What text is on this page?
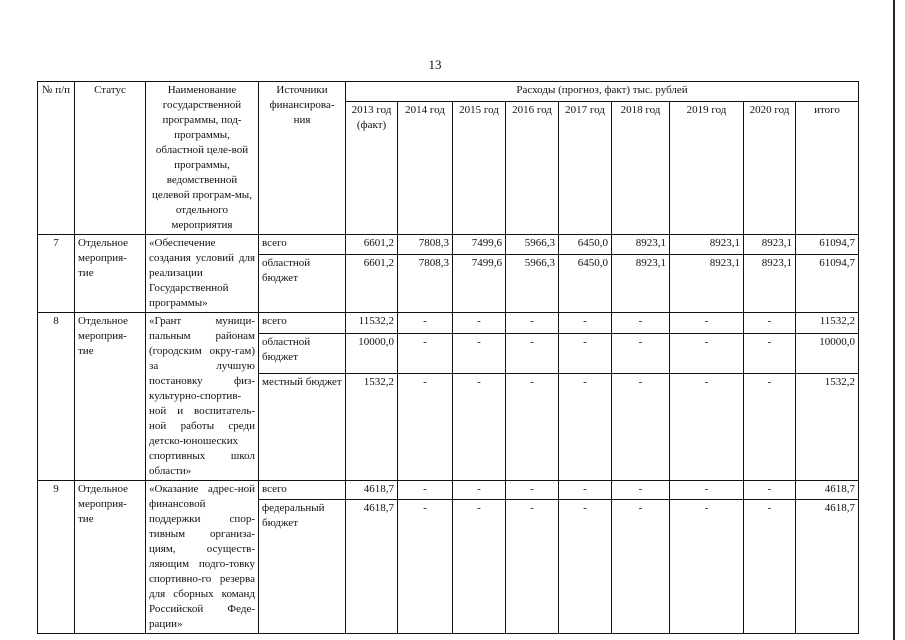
13
№ п/п	Статус	Наименование государственной программы, под-программы, областной целе-вой программы, ведомственной целевой програм-мы, отдельного мероприятия	Источники финансирова-ния	Расходы (прогноз, факт) тыс. рублей								
				2013 год (факт)	2014 год	2015 год	2016 год	2017 год	2018 год	2019 год	2020 год	итого
7	Отдельное мероприя-тие	«Обеспечение создания условий для реализации Государственной программы»	всего	6601,2	7808,3	7499,6	5966,3	6450,0	8923,1	8923,1	8923,1	61094,7
			областной бюджет	6601,2	7808,3	7499,6	5966,3	6450,0	8923,1	8923,1	8923,1	61094,7
8	Отдельное мероприя-тие	«Грант муници-пальным районам (городским окру-гам) за лучшую постановку физ-культурно-спортив-ной и воспитатель-ной работы среди детско-юношеских спортивных школ области»	всего	11532,2	-	-	-	-	-	-	-	11532,2
			областной бюджет	10000,0	-	-	-	-	-	-	-	10000,0
			местный бюджет	1532,2	-	-	-	-	-	-	-	1532,2
9	Отдельное мероприя-тие	«Оказание адрес-ной финансовой поддержки спор-тивным организа-циям, осуществ-ляющим подго-товку спортивно-го резерва для сборных команд Российской Феде-рации»	всего	4618,7	-	-	-	-	-	-	-	4618,7
			федеральный бюджет	4618,7	-	-	-	-	-	-	-	4618,7
